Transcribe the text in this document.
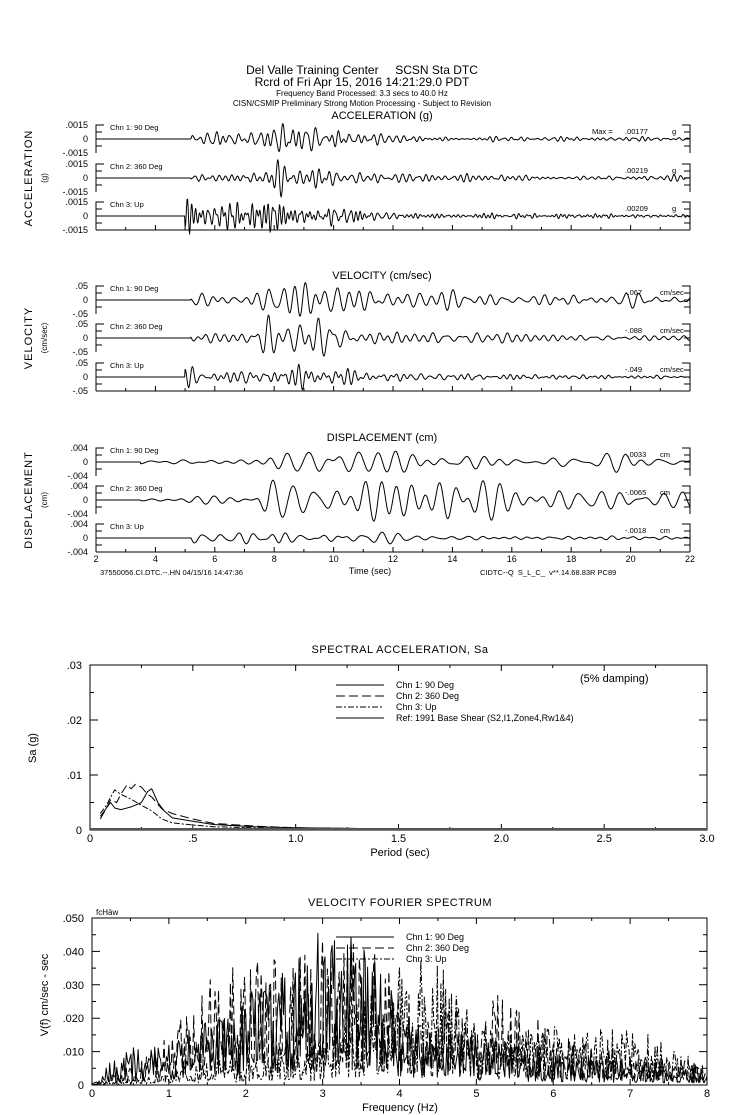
Del Valle Training Center     SCSN Sta DTC
Rcrd of Fri Apr 15, 2016 14:21:29.0 PDT
Frequency Band Processed: 3.3 secs to 40.0 Hz
CISN/CSMIP Preliminary Strong Motion Processing - Subject to Revision
ACCELERATION (g)
ACCELERATION (g)
.0015
0
-.0015
Chn 1: 90 Deg	Max = .00177	g
.0015
0
-.0015
Chn 2: 360 Deg	.00219	g
.0015
0
-.0015
Chn 3: Up	.00209	g
VELOCITY (cm/sec)
VELOCITY (cm/sec)
.05
0
-.05
Chn 1: 90 Deg	-.067 cm/sec
.05
0
-.05
Chn 2: 360 Deg	-.088 cm/sec
.05
0
-.05
Chn 3: Up	-.049 cm/sec
DISPLACEMENT (cm)
DISPLACEMENT (cm)
.004
0
-.004
Chn 1: 90 Deg	-.0033 cm
.004
0
-.004
Chn 2: 360 Deg	-.0065 cm
.004
0
-.004
Chn 3: Up	-.0018 cm
2	4	6	8	10	12	14	16	18	20	22
Time (sec)
SPECTRAL ACCELERATION, Sa
0	.5	1.0	1.5	2.0	2.5	3.0
0
.01
.02
.03
Period (sec)
Chn 1: 90 Deg
Chn 2: 360 Deg
Chn 3: Up
Ref: 1991 Base Shear (S2,I1,Zone4,Rw1&4)
(5% damping)
Sa (g)
VELOCITY FOURIER SPECTRUM
0	1	2	3	4	5	6	7	8
0
.010
.020
.030
.040
.050
Frequency (Hz)
Chn 1: 90 Deg
Chn 2: 360 Deg
Chn 3: Up
fcHäw
V(f) cm/sec - sec
37550056.CI.DTC.--.HN 04/15/16 14:47:36	CIDTC--Q  S_L_C_  v**.14.68.83R PC89
